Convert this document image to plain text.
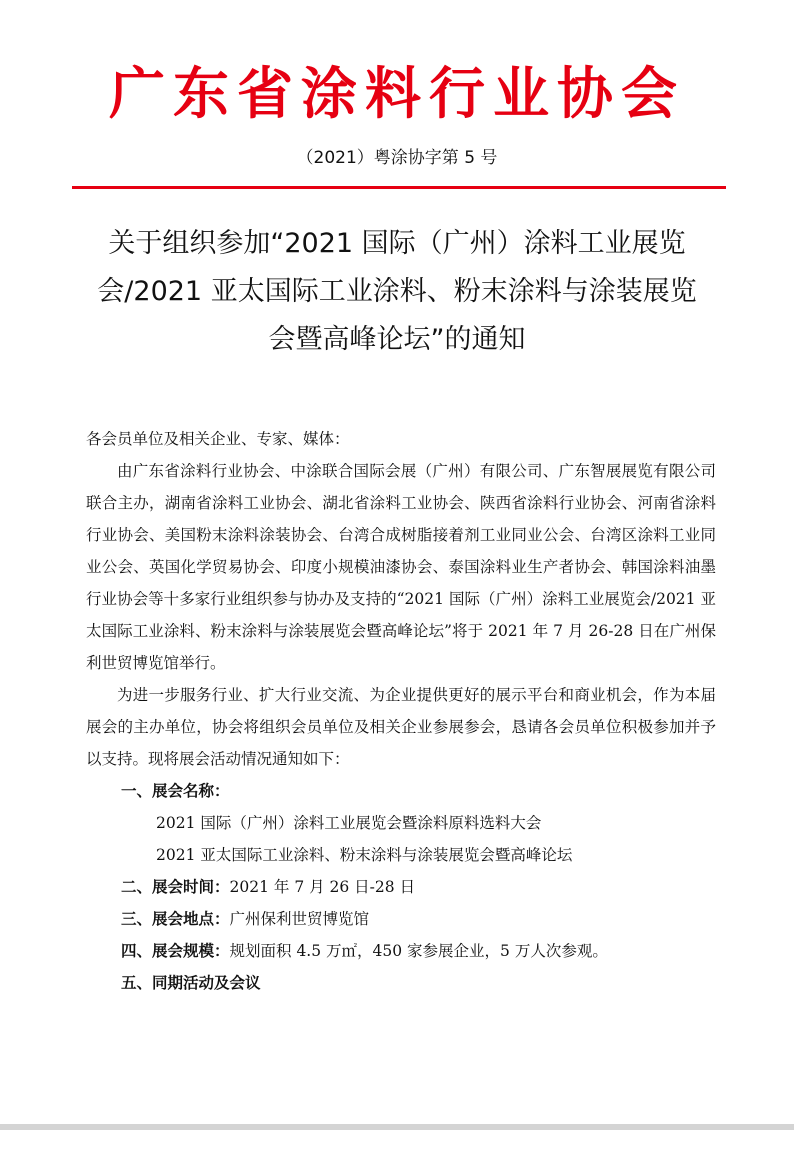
广东省涂料行业协会
（2021）粤涂协字第 5 号
关于组织参加“2021 国际（广州）涂料工业展览
会/2021 亚太国际工业涂料、粉末涂料与涂装展览
会暨高峰论坛”的通知
各会员单位及相关企业、专家、媒体：
由广东省涂料行业协会、中涂联合国际会展（广州）有限公司、广东智展展览有限公司联合主办，湖南省涂料工业协会、湖北省涂料工业协会、陕西省涂料行业协会、河南省涂料行业协会、美国粉末涂料涂装协会、台湾合成树脂接着剂工业同业公会、台湾区涂料工业同业公会、英国化学贸易协会、印度小规模油漆协会、泰国涂料业生产者协会、韩国涂料油墨行业协会等十多家行业组织参与协办及支持的“2021 国际（广州）涂料工业展览会/2021 亚太国际工业涂料、粉末涂料与涂装展览会暨高峰论坛”将于 2021 年 7 月 26-28 日在广州保利世贸博览馆举行。
为进一步服务行业、扩大行业交流、为企业提供更好的展示平台和商业机会，作为本届展会的主办单位，协会将组织会员单位及相关企业参展参会，恳请各会员单位积极参加并予以支持。现将展会活动情况通知如下：
一、展会名称：
2021 国际（广州）涂料工业展览会暨涂料原料选料大会
2021 亚太国际工业涂料、粉末涂料与涂装展览会暨高峰论坛
二、展会时间：2021 年 7 月 26 日-28 日
三、展会地点：广州保利世贸博览馆
四、展会规模：规划面积 4.5 万㎡，450 家参展企业，5 万人次参观。
五、同期活动及会议
